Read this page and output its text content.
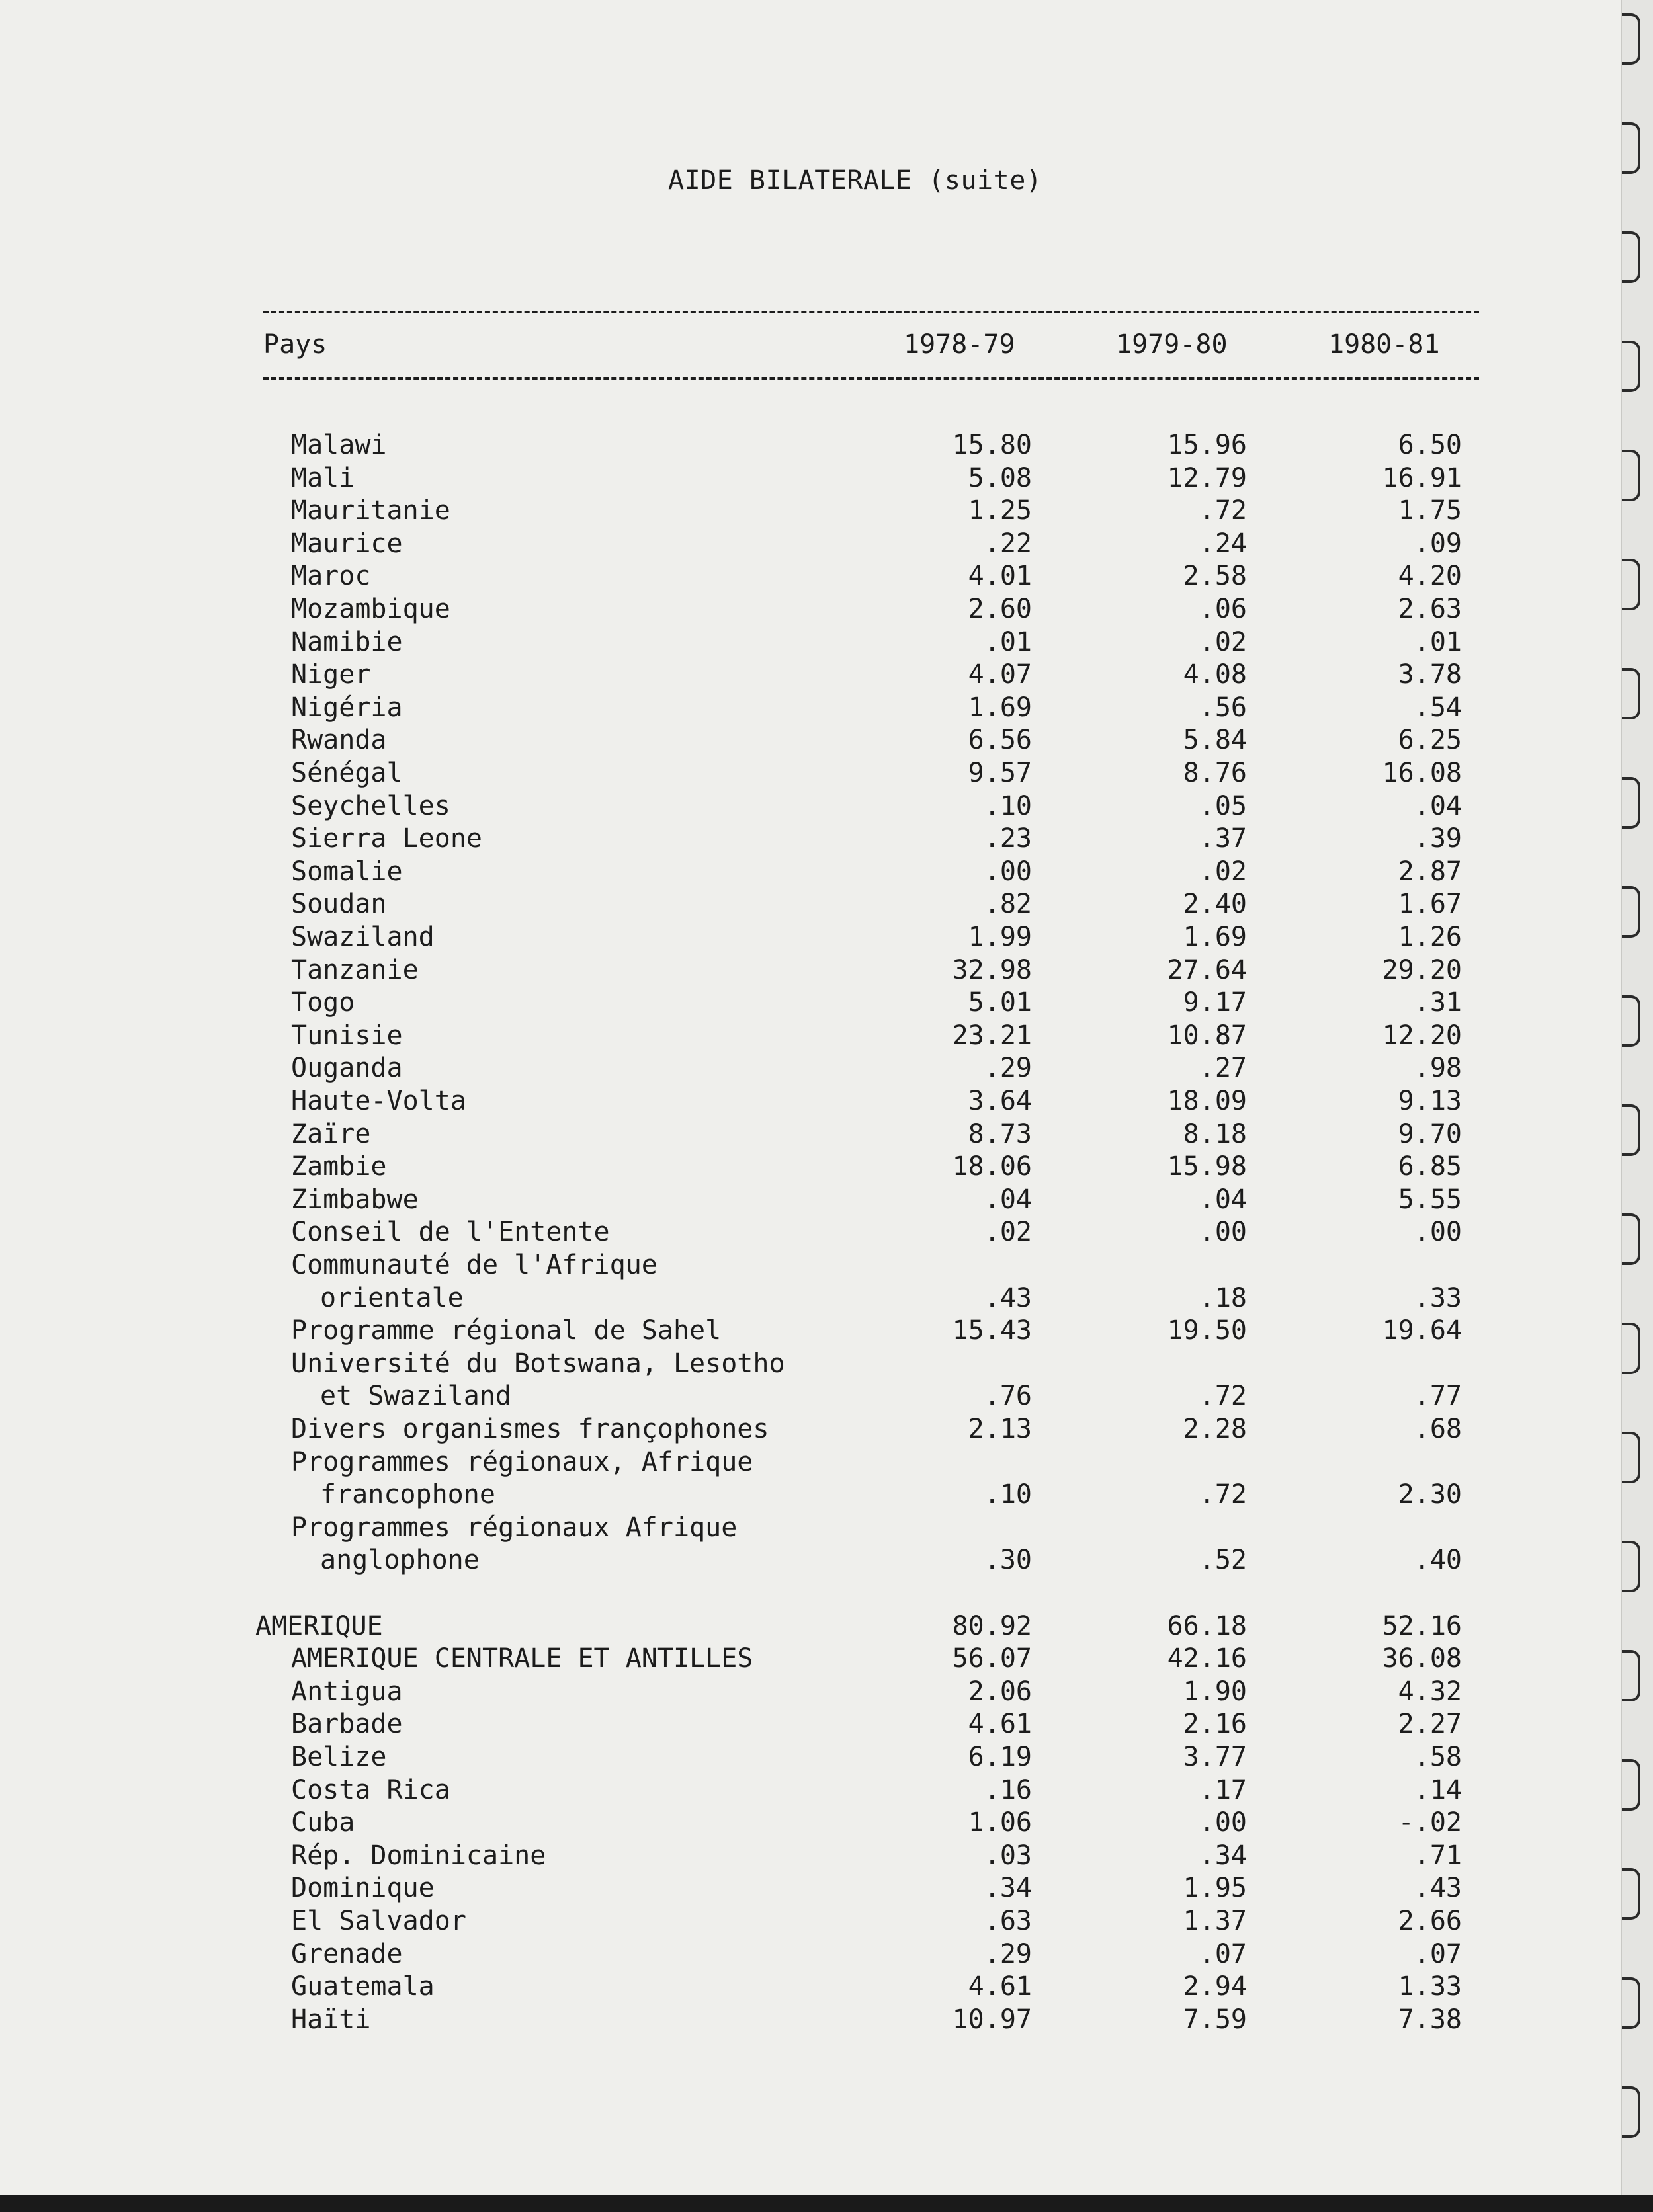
AIDE BILATERALE (suite)
Pays	1978-79	1979-80	1980-81
Malawi	15.80	15.96	6.50
Mali	5.08	12.79	16.91
Mauritanie	1.25	.72	1.75
Maurice	.22	.24	.09
Maroc	4.01	2.58	4.20
Mozambique	2.60	.06	2.63
Namibie	.01	.02	.01
Niger	4.07	4.08	3.78
Nigéria	1.69	.56	.54
Rwanda	6.56	5.84	6.25
Sénégal	9.57	8.76	16.08
Seychelles	.10	.05	.04
Sierra Leone	.23	.37	.39
Somalie	.00	.02	2.87
Soudan	.82	2.40	1.67
Swaziland	1.99	1.69	1.26
Tanzanie	32.98	27.64	29.20
Togo	5.01	9.17	.31
Tunisie	23.21	10.87	12.20
Ouganda	.29	.27	.98
Haute-Volta	3.64	18.09	9.13
Zaïre	8.73	8.18	9.70
Zambie	18.06	15.98	6.85
Zimbabwe	.04	.04	5.55
Conseil de l'Entente	.02	.00	.00
Communauté de l'Afrique
orientale	.43	.18	.33
Programme régional de Sahel	15.43	19.50	19.64
Université du Botswana, Lesotho
et Swaziland	.76	.72	.77
Divers organismes françophones	2.13	2.28	.68
Programmes régionaux, Afrique
francophone	.10	.72	2.30
Programmes régionaux Afrique
anglophone	.30	.52	.40
AMERIQUE	80.92	66.18	52.16
AMERIQUE CENTRALE ET ANTILLES	56.07	42.16	36.08
Antigua	2.06	1.90	4.32
Barbade	4.61	2.16	2.27
Belize	6.19	3.77	.58
Costa Rica	.16	.17	.14
Cuba	1.06	.00	-.02
Rép. Dominicaine	.03	.34	.71
Dominique	.34	1.95	.43
El Salvador	.63	1.37	2.66
Grenade	.29	.07	.07
Guatemala	4.61	2.94	1.33
Haïti	10.97	7.59	7.38
